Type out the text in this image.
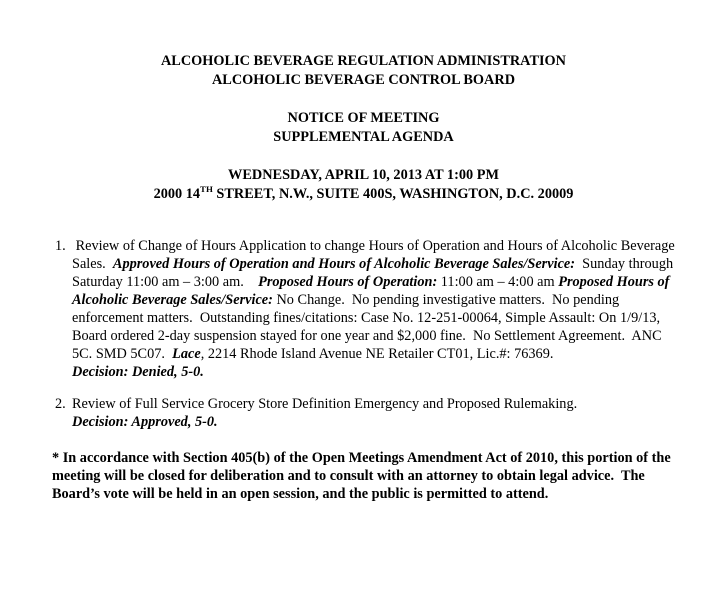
ALCOHOLIC BEVERAGE REGULATION ADMINISTRATION
ALCOHOLIC BEVERAGE CONTROL BOARD
NOTICE OF MEETING
SUPPLEMENTAL AGENDA
WEDNESDAY, APRIL 10, 2013 AT 1:00 PM
2000 14TH STREET, N.W., SUITE 400S, WASHINGTON, D.C. 20009
1. Review of Change of Hours Application to change Hours of Operation and Hours of Alcoholic Beverage Sales.  Approved Hours of Operation and Hours of Alcoholic Beverage Sales/Service:  Sunday through Saturday 11:00 am – 3:00 am.    Proposed Hours of Operation: 11:00 am – 4:00 am Proposed Hours of Alcoholic Beverage Sales/Service: No Change.  No pending investigative matters.  No pending enforcement matters.  Outstanding fines/citations: Case No. 12-251-00064, Simple Assault: On 1/9/13, Board ordered 2-day suspension stayed for one year and $2,000 fine.  No Settlement Agreement.  ANC 5C. SMD 5C07.  Lace, 2214 Rhode Island Avenue NE Retailer CT01, Lic.#: 76369.
Decision: Denied, 5-0.
2. Review of Full Service Grocery Store Definition Emergency and Proposed Rulemaking.
Decision: Approved, 5-0.
* In accordance with Section 405(b) of the Open Meetings Amendment Act of 2010, this portion of the meeting will be closed for deliberation and to consult with an attorney to obtain legal advice.  The Board’s vote will be held in an open session, and the public is permitted to attend.
